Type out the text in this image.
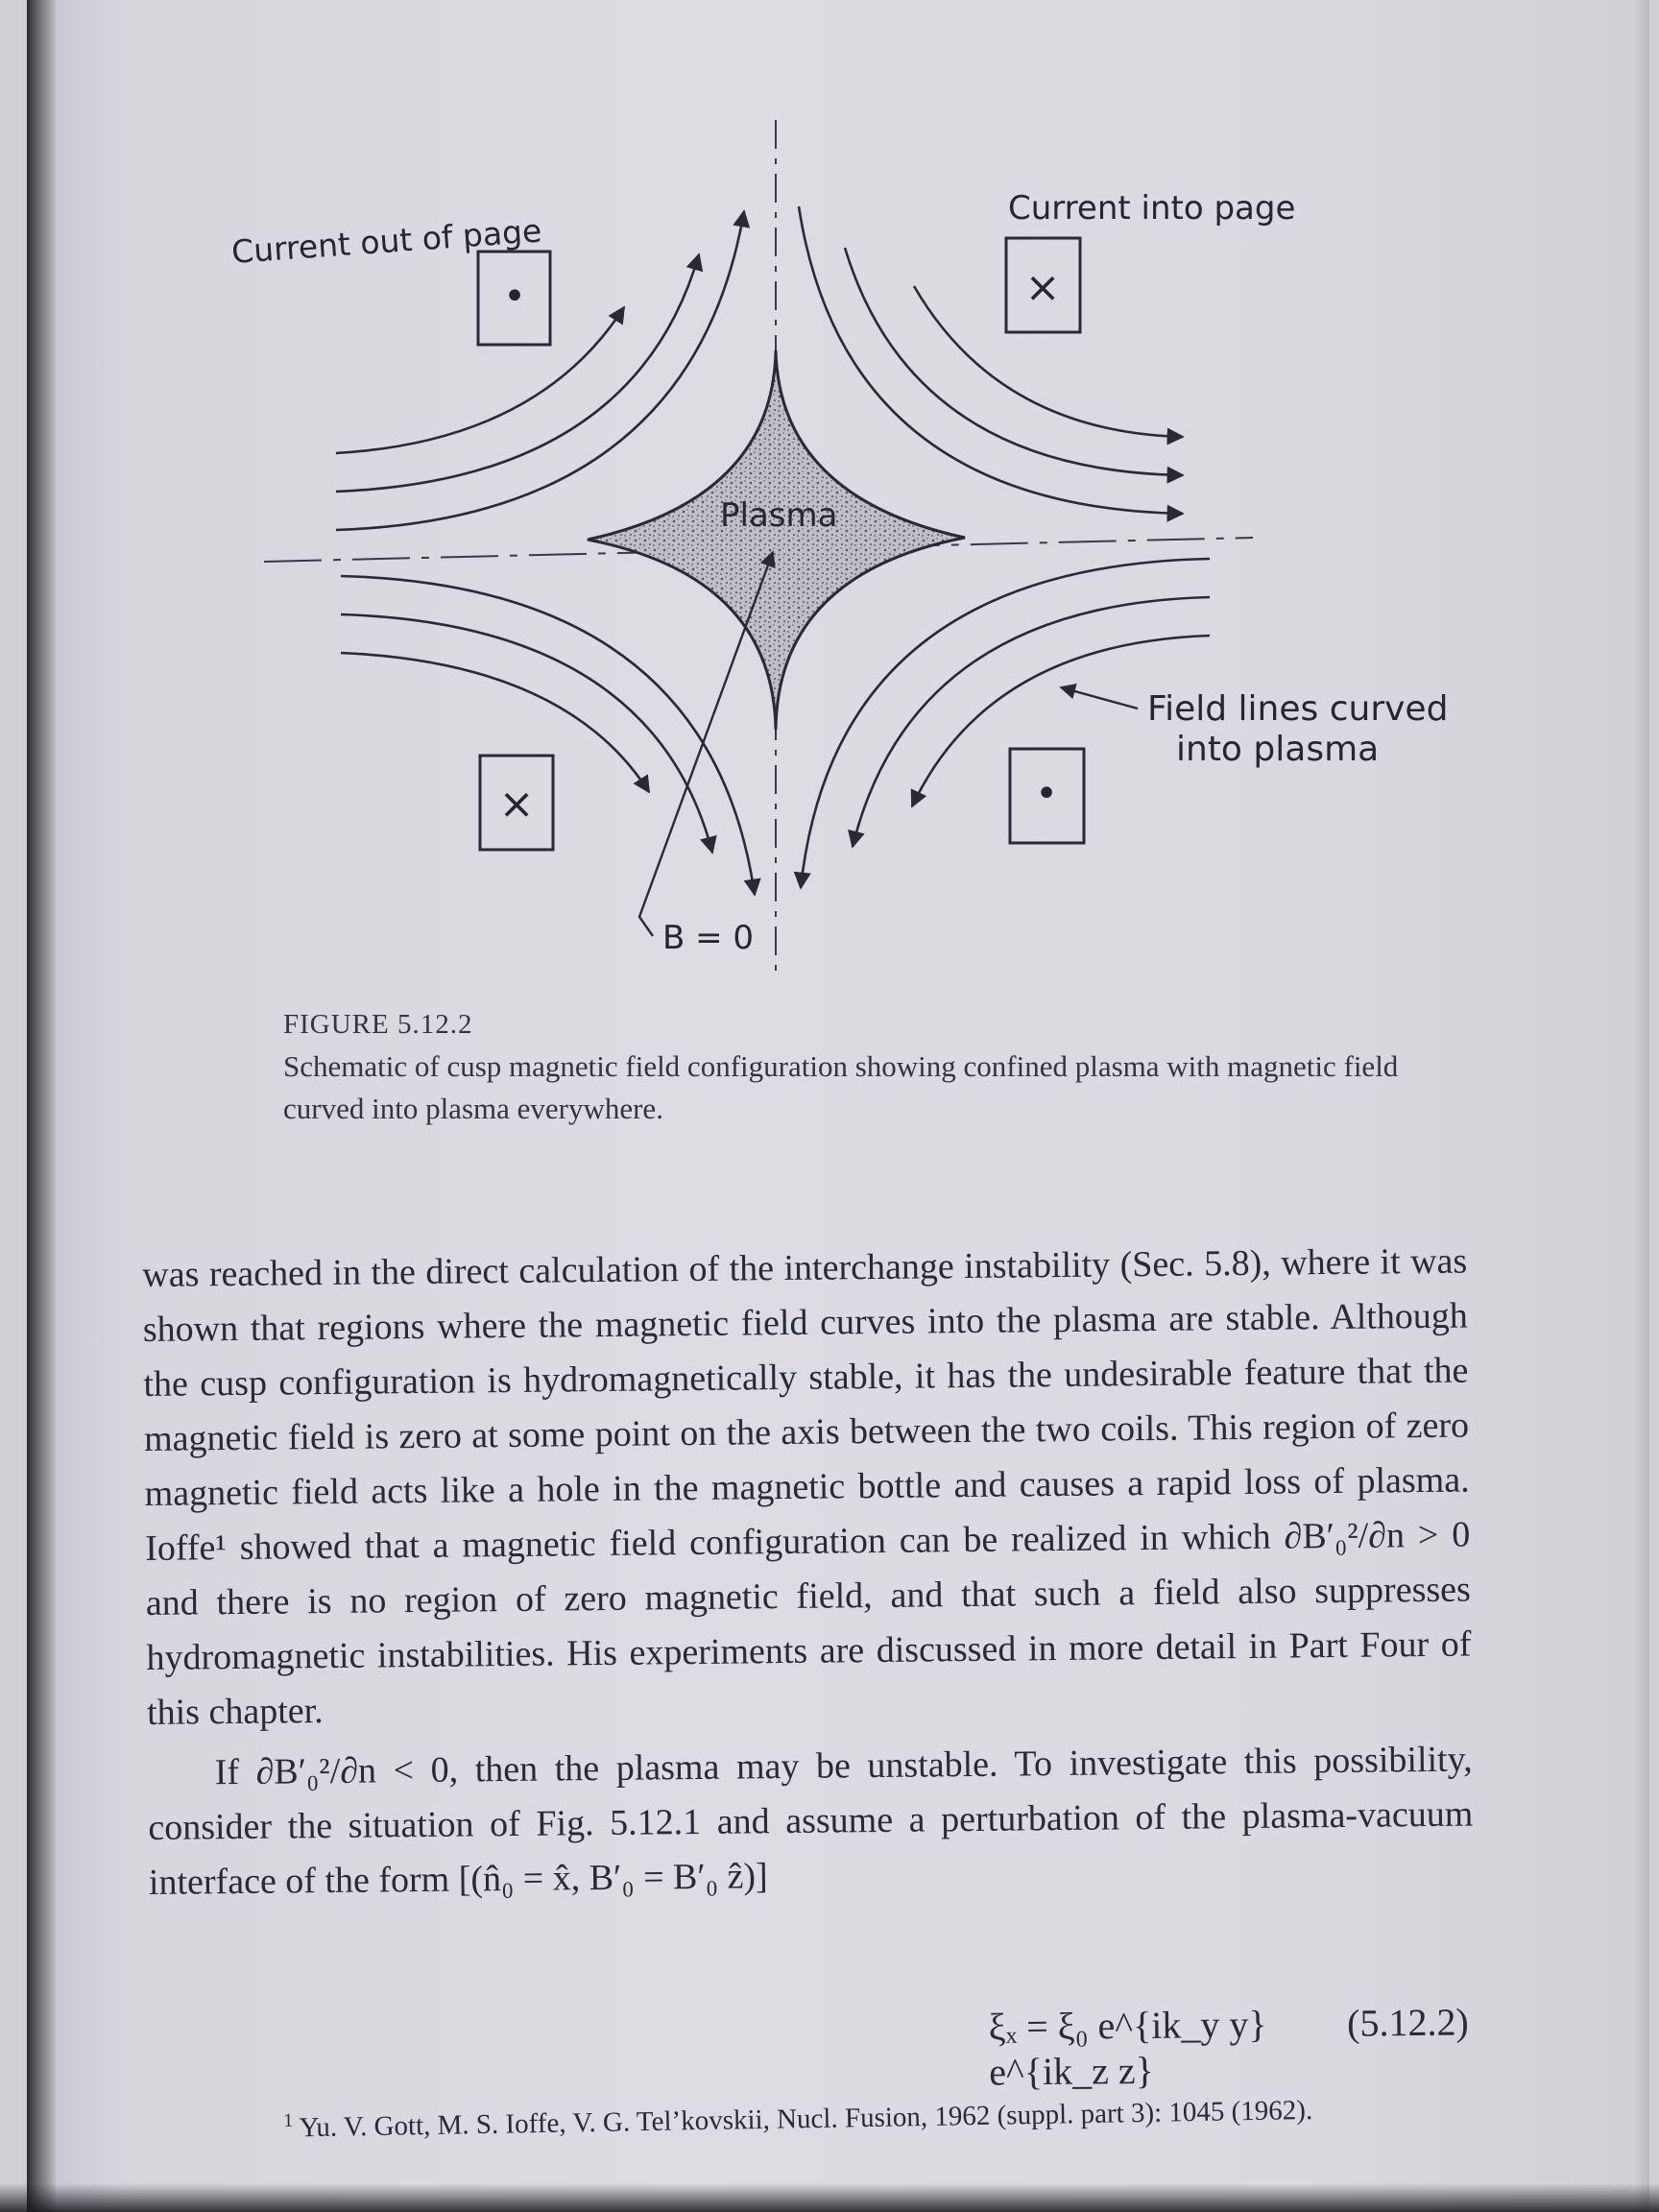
•	×
×	•
Current out of page
Current into page
Plasma
Field lines curved
into plasma
B = 0
FIGURE 5.12.2
Schematic of cusp magnetic field configuration showing confined plasma with magnetic field curved into plasma everywhere.

was reached in the direct calculation of the interchange instability (Sec. 5.8), where it was shown that regions where the magnetic field curves into the plasma are stable. Although the cusp configuration is hydromagnetically stable, it has the undesirable feature that the magnetic field is zero at some point on the axis between the two coils. This region of zero magnetic field acts like a hole in the magnetic bottle and causes a rapid loss of plasma. Ioffe¹ showed that a magnetic field configuration can be realized in which ∂B′₀²/∂n > 0 and there is no region of zero magnetic field, and that such a field also suppresses hydromagnetic instabilities. His experiments are discussed in more detail in Part Four of this chapter.

If ∂B′₀²/∂n < 0, then the plasma may be unstable. To investigate this possibility, consider the situation of Fig. 5.12.1 and assume a perturbation of the plasma-vacuum interface of the form [(n̂₀ = x̂, B′₀ = B′₀ ẑ)]

ξₓ = ξ₀ e^{ik_y y} e^{ik_z z}
(5.12.2)
$^1$ Yu. V. Gott, M. S. Ioffe, V. G. Tel’kovskii, Nucl. Fusion, 1962 (suppl. part 3): 1045 (1962).
